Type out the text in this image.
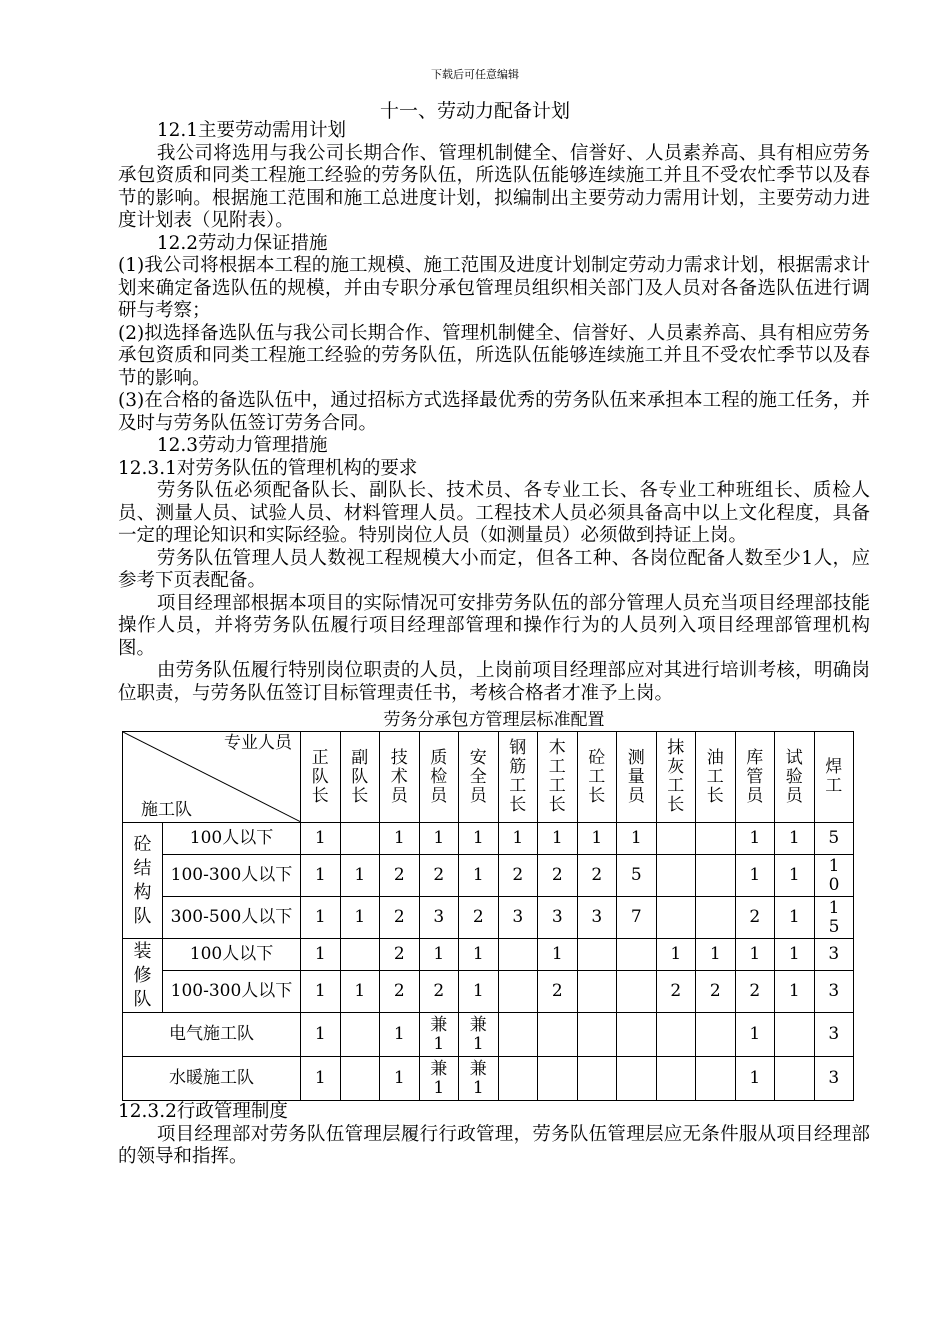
下载后可任意编辑
十一、劳动力配备计划

12.1主要劳动需用计划

我公司将选用与我公司长期合作、管理机制健全、信誉好、人员素养高、具有相应劳务承包资质和同类工程施工经验的劳务队伍，所选队伍能够连续施工并且不受农忙季节以及春节的影响。根据施工范围和施工总进度计划，拟编制出主要劳动力需用计划，主要劳动力进度计划表（见附表）。

12.2劳动力保证措施

(1)我公司将根据本工程的施工规模、施工范围及进度计划制定劳动力需求计划，根据需求计划来确定备选队伍的规模，并由专职分承包管理员组织相关部门及人员对各备选队伍进行调研与考察；

(2)拟选择备选队伍与我公司长期合作、管理机制健全、信誉好、人员素养高、具有相应劳务承包资质和同类工程施工经验的劳务队伍，所选队伍能够连续施工并且不受农忙季节以及春节的影响。

(3)在合格的备选队伍中，通过招标方式选择最优秀的劳务队伍来承担本工程的施工任务，并及时与劳务队伍签订劳务合同。

12.3劳动力管理措施

12.3.1对劳务队伍的管理机构的要求

劳务队伍必须配备队长、副队长、技术员、各专业工长、各专业工种班组长、质检人员、测量人员、试验人员、材料管理人员。工程技术人员必须具备高中以上文化程度，具备一定的理论知识和实际经验。特别岗位人员（如测量员）必须做到持证上岗。

劳务队伍管理人员人数视工程规模大小而定，但各工种、各岗位配备人数至少1人，应参考下页表配备。

项目经理部根据本项目的实际情况可安排劳务队伍的部分管理人员充当项目经理部技能操作人员，并将劳务队伍履行项目经理部管理和操作行为的人员列入项目经理部管理机构图。

由劳务队伍履行特别岗位职责的人员，上岗前项目经理部应对其进行培训考核，明确岗位职责，与劳务队伍签订目标管理责任书，考核合格者才准予上岗。

劳务分承包方管理层标准配置
专业人员
施工队		正队长	副队长	技术员	质检员	安全员	钢筋工长	木工工长	砼工长	测量员	抹灰工长	油工长	库管员	试验员	焊工

砼结构队	100人以下	1		1	1	1	1	1	1	1			1	1	5

	100-300人以下	1	1	2	2	1	2	2	2	5			1	1	10

	300-500人以下	1	1	2	3	2	3	3	3	7			2	1	15

装修队	100人以下	1		2	1	1		1			1	1	1	1	3

	100-300人以下	1	1	2	2	1		2			2	2	2	1	3

电气施工队		1		1	兼1	兼1							1		3

水暖施工队		1		1	兼1	兼1							1		3

12.3.2行政管理制度

项目经理部对劳务队伍管理层履行行政管理，劳务队伍管理层应无条件服从项目经理部的领导和指挥。
